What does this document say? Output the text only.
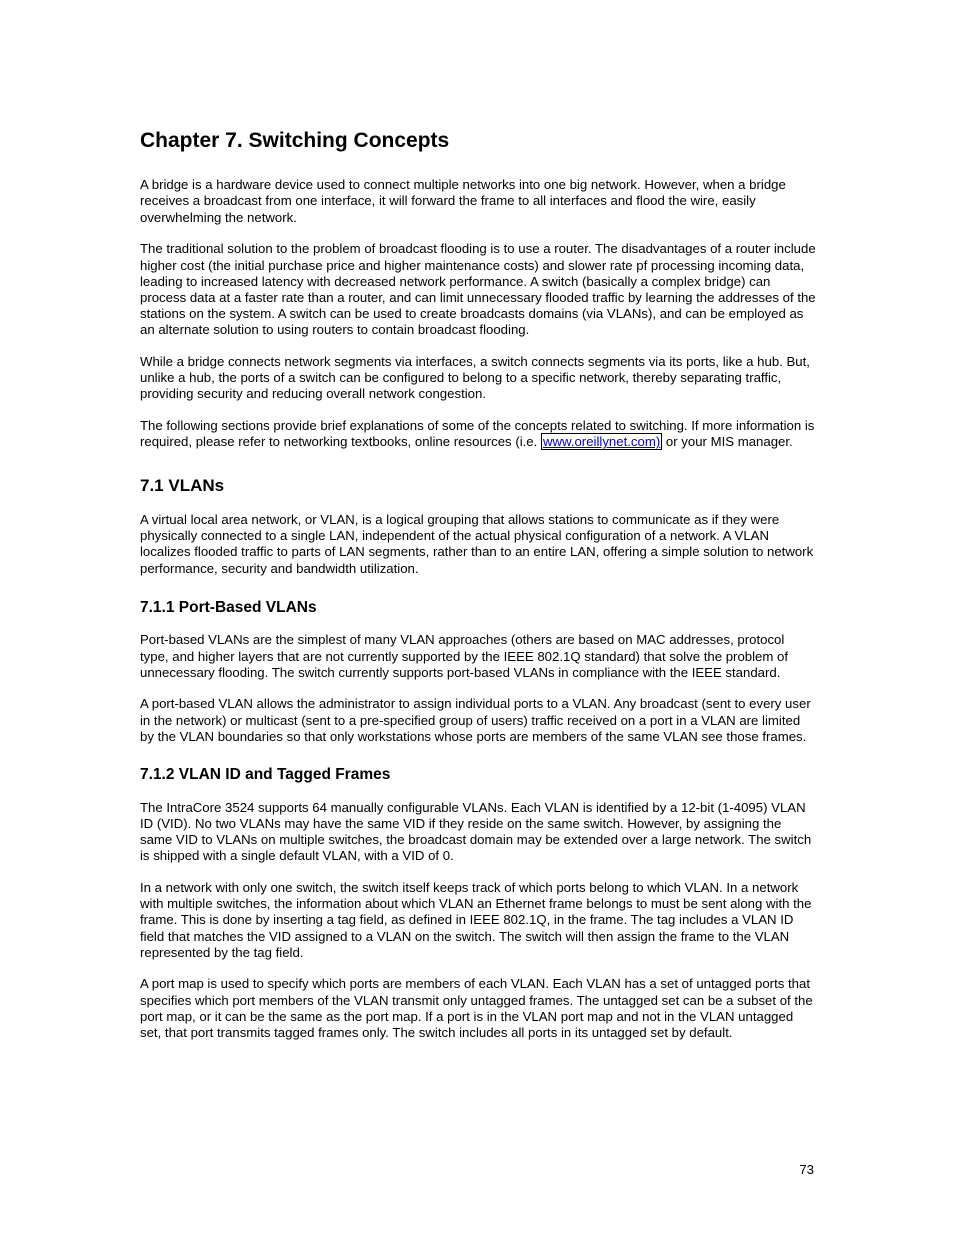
Chapter 7. Switching Concepts

A bridge is a hardware device used to connect multiple networks into one big network. However, when a bridge receives a broadcast from one interface, it will forward the frame to all interfaces and flood the wire, easily overwhelming the network.

The traditional solution to the problem of broadcast flooding is to use a router. The disadvantages of a router include higher cost (the initial purchase price and higher maintenance costs) and slower rate pf processing incoming data, leading to increased latency with decreased network performance. A switch (basically a complex bridge) can process data at a faster rate than a router, and can limit unnecessary flooded traffic by learning the addresses of the stations on the system. A switch can be used to create broadcasts domains (via VLANs), and can be employed as an alternate solution to using routers to contain broadcast flooding.

While a bridge connects network segments via interfaces, a switch connects segments via its ports, like a hub. But, unlike a hub, the ports of a switch can be configured to belong to a specific network, thereby separating traffic, providing security and reducing overall network congestion.

The following sections provide brief explanations of some of the concepts related to switching. If more information is required, please refer to networking textbooks, online resources (i.e. www.oreillynet.com) or your MIS manager.

7.1 VLANs

A virtual local area network, or VLAN, is a logical grouping that allows stations to communicate as if they were physically connected to a single LAN, independent of the actual physical configuration of a network. A VLAN localizes flooded traffic to parts of LAN segments, rather than to an entire LAN, offering a simple solution to network performance, security and bandwidth utilization.

7.1.1 Port-Based VLANs

Port-based VLANs are the simplest of many VLAN approaches (others are based on MAC addresses, protocol type, and higher layers that are not currently supported by the IEEE 802.1Q standard) that solve the problem of unnecessary flooding. The switch currently supports port-based VLANs in compliance with the IEEE standard.

A port-based VLAN allows the administrator to assign individual ports to a VLAN. Any broadcast (sent to every user in the network) or multicast (sent to a pre-specified group of users) traffic received on a port in a VLAN are limited by the VLAN boundaries so that only workstations whose ports are members of the same VLAN see those frames.

7.1.2 VLAN ID and Tagged Frames

The IntraCore 3524 supports 64 manually configurable VLANs. Each VLAN is identified by a 12-bit (1-4095) VLAN ID (VID). No two VLANs may have the same VID if they reside on the same switch. However, by assigning the same VID to VLANs on multiple switches, the broadcast domain may be extended over a large network. The switch is shipped with a single default VLAN, with a VID of 0.

In a network with only one switch, the switch itself keeps track of which ports belong to which VLAN. In a network with multiple switches, the information about which VLAN an Ethernet frame belongs to must be sent along with the frame. This is done by inserting a tag field, as defined in IEEE 802.1Q, in the frame. The tag includes a VLAN ID field that matches the VID assigned to a VLAN on the switch. The switch will then assign the frame to the VLAN represented by the tag field.

A port map is used to specify which ports are members of each VLAN. Each VLAN has a set of untagged ports that specifies which port members of the VLAN transmit only untagged frames. The untagged set can be a subset of the port map, or it can be the same as the port map. If a port is in the VLAN port map and not in the VLAN untagged set, that port transmits tagged frames only. The switch includes all ports in its untagged set by default.

73
